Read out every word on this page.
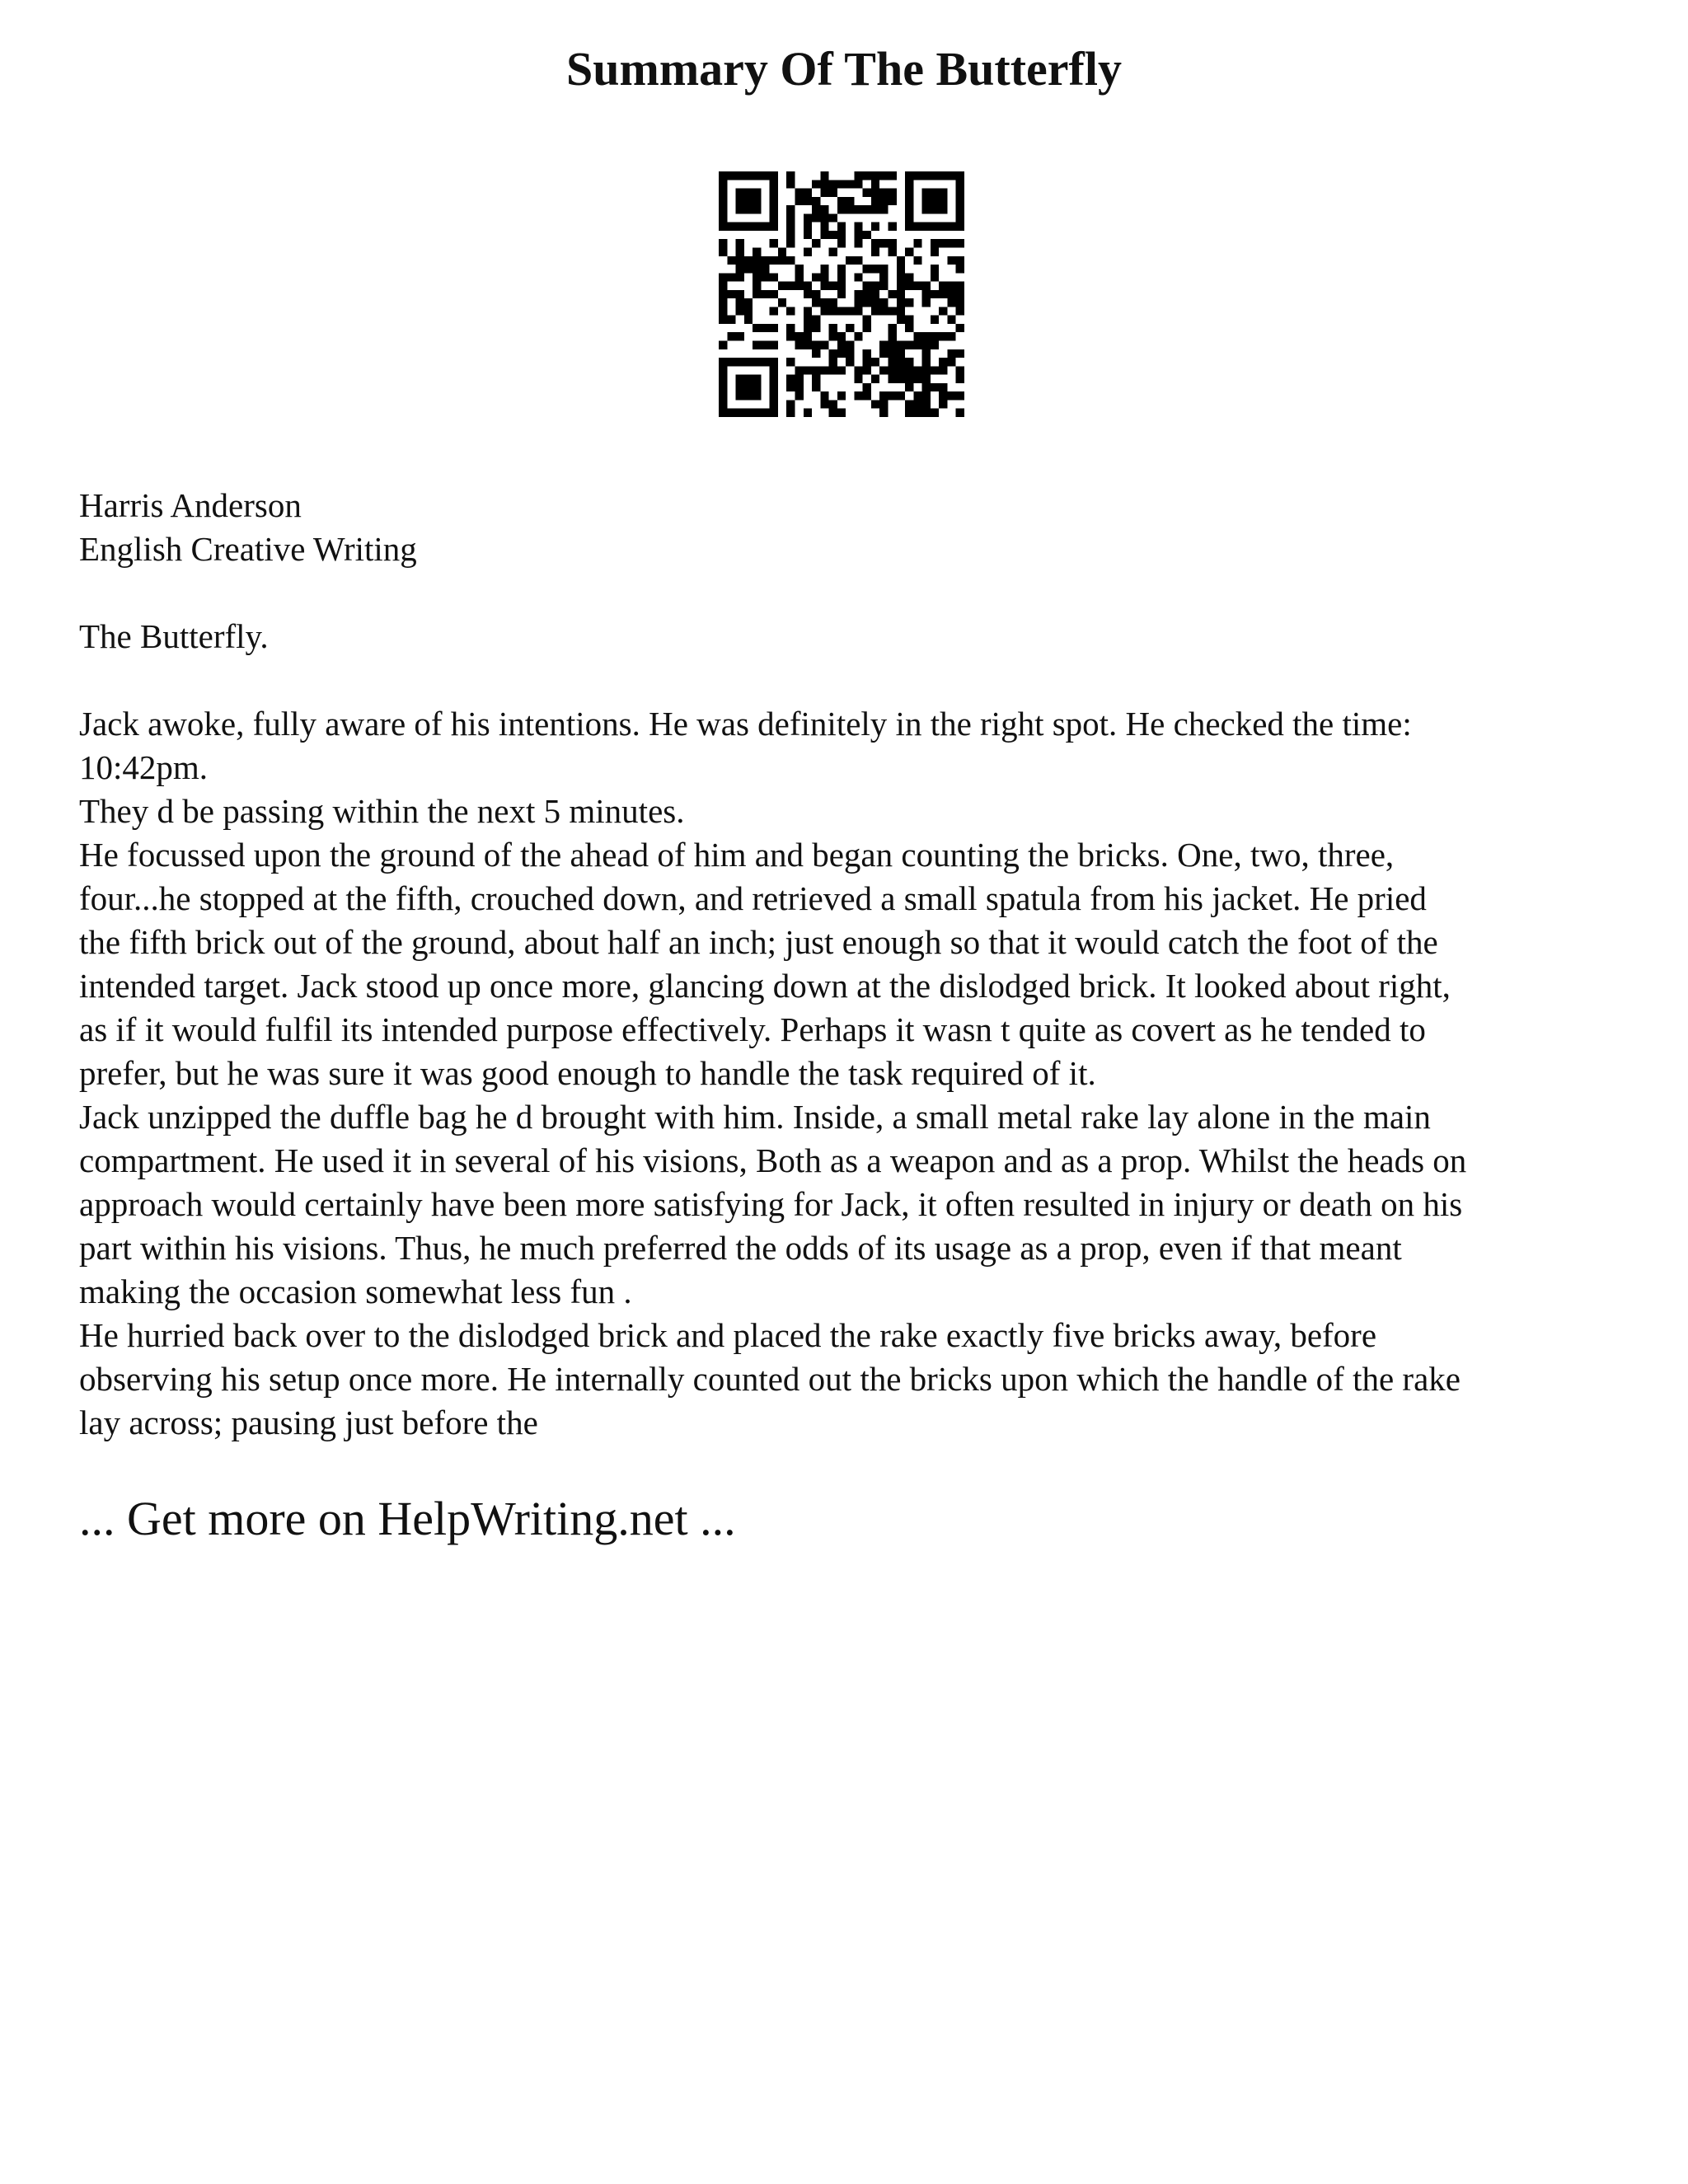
Summary Of The Butterfly

Harris Anderson

English Creative Writing

The Butterfly.

Jack awoke, fully aware of his intentions. He was definitely in the right spot. He checked the time:

10:42pm.

They d be passing within the next 5 minutes.

He focussed upon the ground of the ahead of him and began counting the bricks. One, two, three,

four...he stopped at the fifth, crouched down, and retrieved a small spatula from his jacket. He pried

the fifth brick out of the ground, about half an inch; just enough so that it would catch the foot of the

intended target. Jack stood up once more, glancing down at the dislodged brick. It looked about right,

as if it would fulfil its intended purpose effectively. Perhaps it wasn t quite as covert as he tended to

prefer, but he was sure it was good enough to handle the task required of it.

Jack unzipped the duffle bag he d brought with him. Inside, a small metal rake lay alone in the main

compartment. He used it in several of his visions, Both as a weapon and as a prop. Whilst the heads on

approach would certainly have been more satisfying for Jack, it often resulted in injury or death on his

part within his visions. Thus, he much preferred the odds of its usage as a prop, even if that meant

making the occasion somewhat less fun .

He hurried back over to the dislodged brick and placed the rake exactly five bricks away, before

observing his setup once more. He internally counted out the bricks upon which the handle of the rake

lay across; pausing just before the

... Get more on HelpWriting.net ...
